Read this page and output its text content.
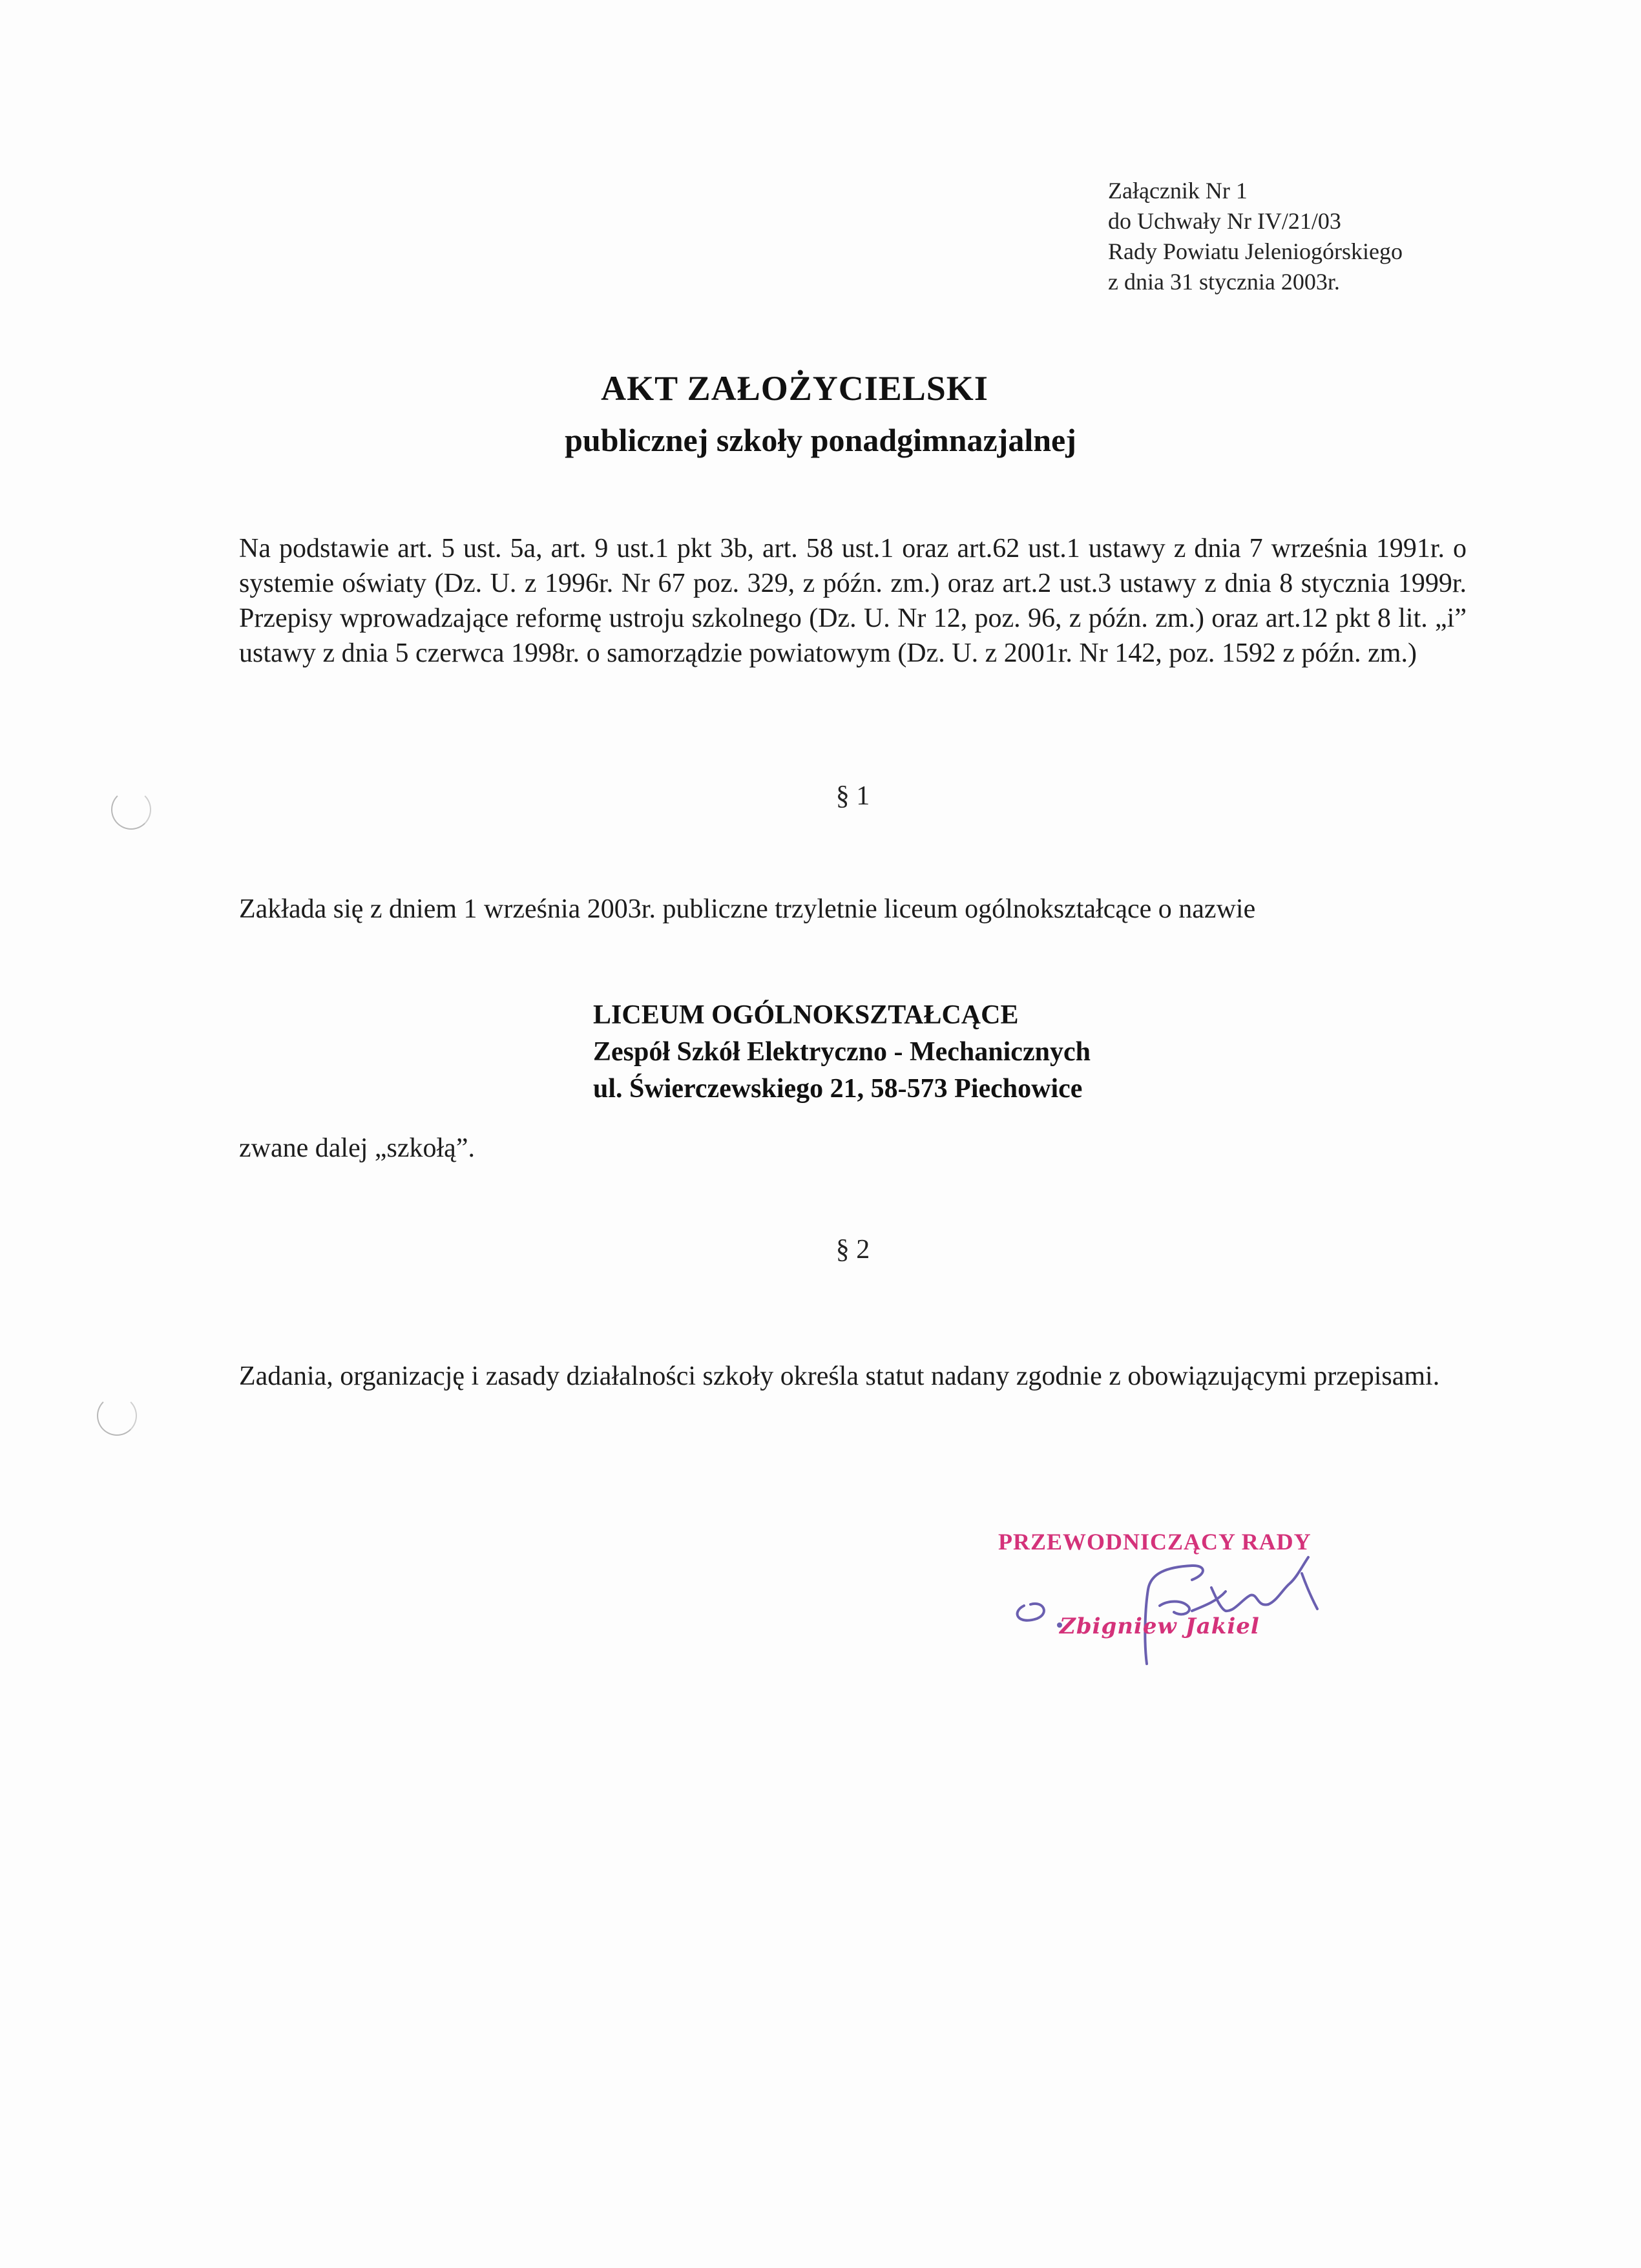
Załącznik Nr 1
do Uchwały Nr IV/21/03
Rady Powiatu Jeleniogórskiego
z dnia 31 stycznia 2003r.
AKT ZAŁOŻYCIELSKI
publicznej szkoły ponadgimnazjalnej
Na podstawie art. 5 ust. 5a, art. 9 ust.1 pkt 3b, art. 58 ust.1 oraz art.62 ust.1 ustawy z dnia 7 września 1991r. o systemie oświaty (Dz. U. z 1996r. Nr 67 poz. 329, z późn. zm.) oraz art.2 ust.3 ustawy z dnia 8 stycznia 1999r. Przepisy wprowadzające reformę ustroju szkolnego (Dz. U. Nr 12, poz. 96, z późn. zm.) oraz art.12 pkt 8 lit. „i” ustawy z dnia 5 czerwca 1998r. o samorządzie powiatowym (Dz. U. z 2001r. Nr 142, poz. 1592 z późn. zm.)
§ 1
Zakłada się z dniem 1 września 2003r. publiczne trzyletnie liceum ogólnokształcące o nazwie
LICEUM OGÓLNOKSZTAŁCĄCE
Zespół Szkół Elektryczno - Mechanicznych
ul. Świerczewskiego 21, 58-573 Piechowice
zwane dalej „szkołą”.
§ 2
Zadania, organizację i zasady działalności szkoły określa statut nadany zgodnie z obowiązującymi przepisami.
PRZEWODNICZĄCY RADY
Zbigniew Jakiel
